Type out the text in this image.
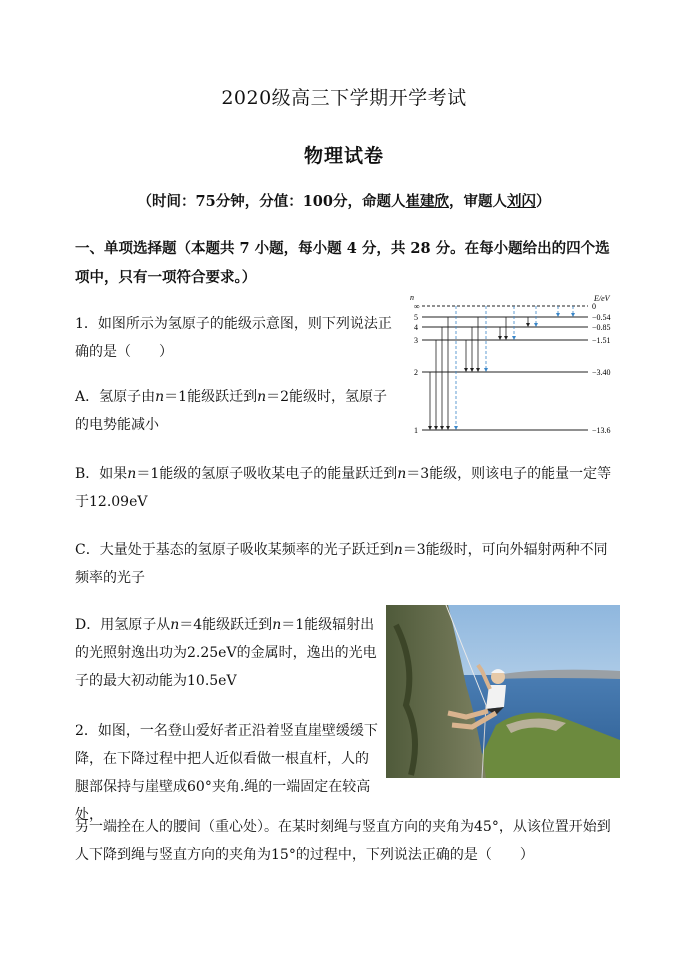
2020级高三下学期开学考试
物理试卷
（时间：75分钟，分值：100分，命题人崔建欣，审题人刘闪）
一、单项选择题（本题共 7 小题，每小题 4 分，共 28 分。在每小题给出的四个选项中，只有一项符合要求。）
1．如图所示为氢原子的能级示意图，则下列说法正确的是（　　）
A．氢原子由n＝1能级跃迁到n＝2能级时，氢原子的电势能减小
B．如果n＝1能级的氢原子吸收某电子的能量跃迁到n＝3能级，则该电子的能量一定等于12.09eV
C．大量处于基态的氢原子吸收某频率的光子跃迁到n＝3能级时，可向外辐射两种不同频率的光子
D．用氢原子从n＝4能级跃迁到n＝1能级辐射出的光照射逸出功为2.25eV的金属时，逸出的光电子的最大初动能为10.5eV
n	E/eV
∞	0
5	−0.54
4	−0.85
3	−1.51
2	−3.40
1	−13.6
2．如图，一名登山爱好者正沿着竖直崖壁缓缓下降，在下降过程中把人近似看做一根直杆，人的腿部保持与崖壁成60°夹角.绳的一端固定在较高处，
另一端拴在人的腰间（重心处）。在某时刻绳与竖直方向的夹角为45°，从该位置开始到人下降到绳与竖直方向的夹角为15°的过程中，下列说法正确的是（　　）
